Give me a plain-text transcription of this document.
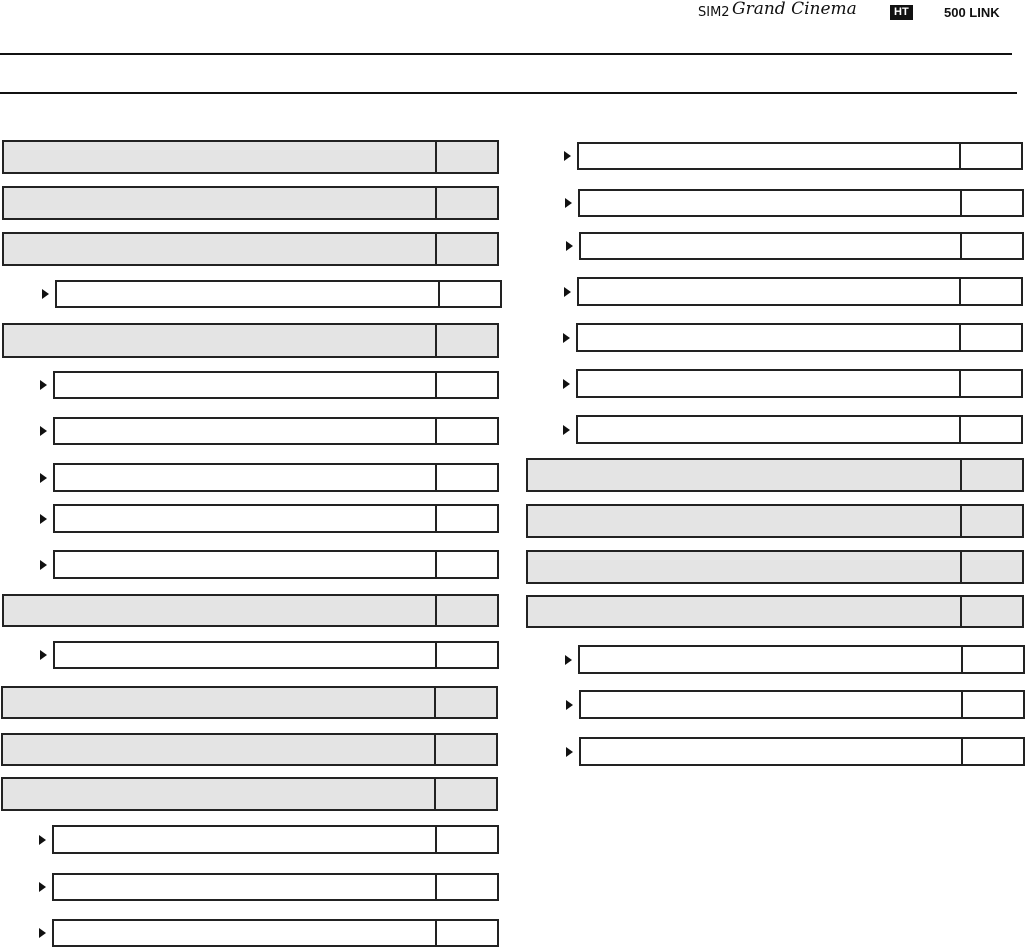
SIM2 Grand Cinema	HT	500 LINK
